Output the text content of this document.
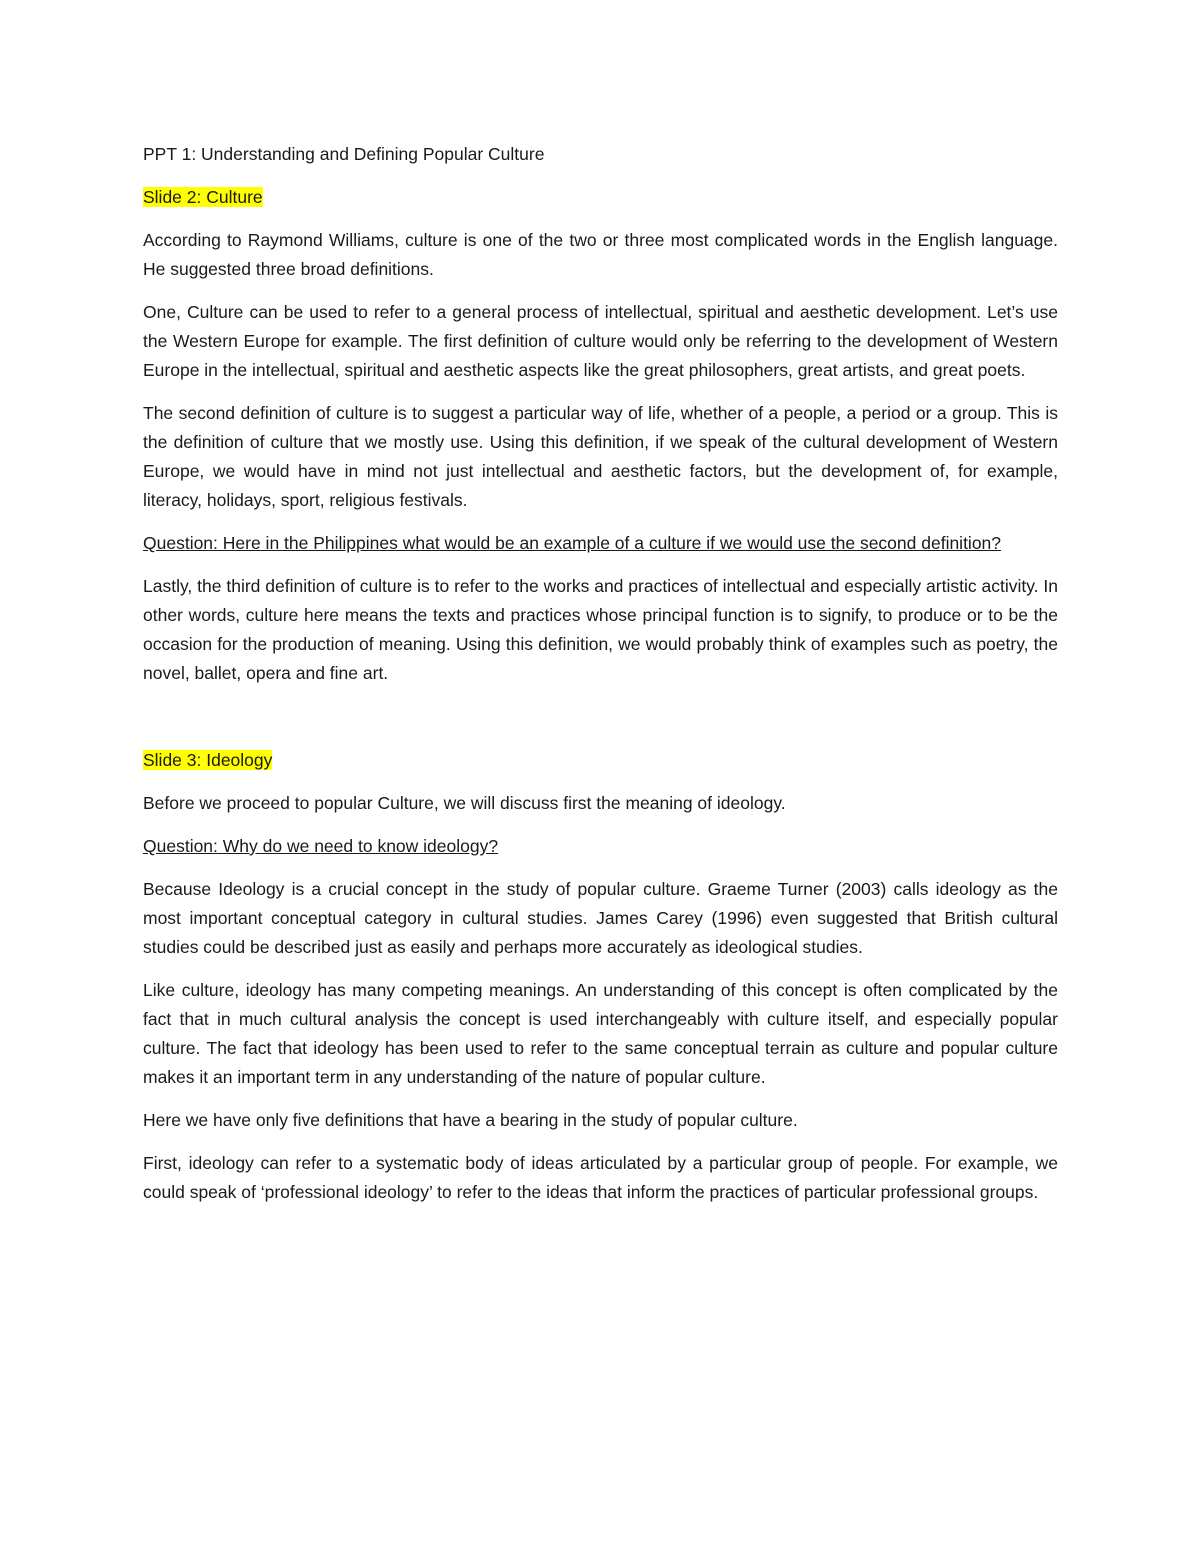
PPT 1: Understanding and Defining Popular Culture
Slide 2: Culture

According to Raymond Williams, culture is one of the two or three most complicated words in the English language. He suggested three broad definitions.

One, Culture can be used to refer to a general process of intellectual, spiritual and aesthetic development. Let’s use the Western Europe for example. The first definition of culture would only be referring to the development of Western Europe in the intellectual, spiritual and aesthetic aspects like the great philosophers, great artists, and great poets.

The second definition of culture is to suggest a particular way of life, whether of a people, a period or a group. This is the definition of culture that we mostly use. Using this definition, if we speak of the cultural development of Western Europe, we would have in mind not just intellectual and aesthetic factors, but the development of, for example, literacy, holidays, sport, religious festivals.

Question: Here in the Philippines what would be an example of a culture if we would use the second definition?

Lastly, the third definition of culture is to refer to the works and practices of intellectual and especially artistic activity. In other words, culture here means the texts and practices whose principal function is to signify, to produce or to be the occasion for the production of meaning. Using this definition, we would probably think of examples such as poetry, the novel, ballet, opera and fine art.

Slide 3: Ideology

Before we proceed to popular Culture, we will discuss first the meaning of ideology.

Question: Why do we need to know ideology?

Because Ideology is a crucial concept in the study of popular culture. Graeme Turner (2003) calls ideology as the most important conceptual category in cultural studies. James Carey (1996) even suggested that British cultural studies could be described just as easily and perhaps more accurately as ideological studies.

Like culture, ideology has many competing meanings. An understanding of this concept is often complicated by the fact that in much cultural analysis the concept is used interchangeably with culture itself, and especially popular culture. The fact that ideology has been used to refer to the same conceptual terrain as culture and popular culture makes it an important term in any understanding of the nature of popular culture.

Here we have only five definitions that have a bearing in the study of popular culture.

First, ideology can refer to a systematic body of ideas articulated by a particular group of people. For example, we could speak of ‘professional ideology’ to refer to the ideas that inform the practices of particular professional groups.
